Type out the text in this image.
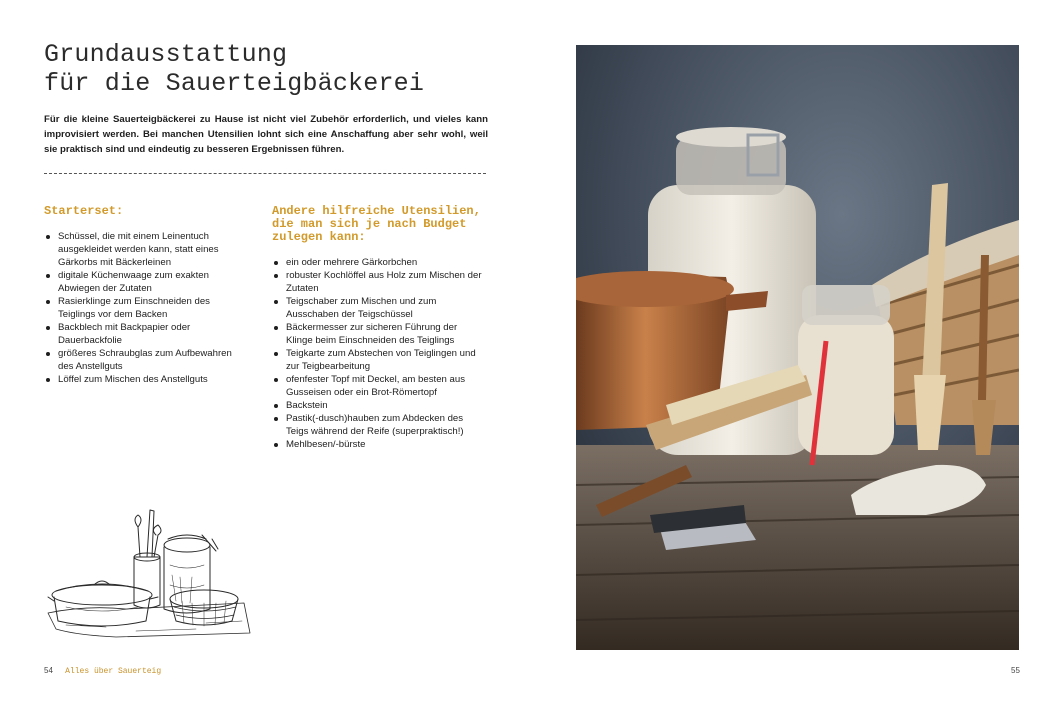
Grundausstattung
für die Sauerteigbäckerei

Für die kleine Sauerteigbäckerei zu Hause ist nicht viel Zubehör erforderlich, und vieles kann improvisiert werden. Bei manchen Utensilien lohnt sich eine Anschaffung aber sehr wohl, weil sie praktisch sind und eindeutig zu besseren Ergebnissen führen.

Starterset:
Schüssel, die mit einem Leinentuch ausgekleidet werden kann, statt eines Gärkorbs mit Bäckerleinen
digitale Küchenwaage zum exakten Abwiegen der Zutaten
Rasierklinge zum Einschneiden des Teiglings vor dem Backen
Backblech mit Backpapier oder Dauerbackfolie
größeres Schraubglas zum Aufbewahren des Anstellguts
Löffel zum Mischen des Anstellguts
Andere hilfreiche Utensilien,
die man sich je nach Budget
zulegen kann:
ein oder mehrere Gärkorbchen
robuster Kochlöffel aus Holz zum Mischen der Zutaten
Teigschaber zum Mischen und zum Ausschaben der Teigschüssel
Bäckermesser zur sicheren Führung der Klinge beim Einschneiden des Teiglings
Teigkarte zum Abstechen von Teiglingen und zur Teigbearbeitung
ofenfester Topf mit Deckel, am besten aus Gusseisen oder ein Brot-Römertopf
Backstein
Pastik(-dusch)hauben zum Abdecken des Teigs während der Reife (superpraktisch!)
Mehlbesen/-bürste
54 Alles über Sauerteig	55
